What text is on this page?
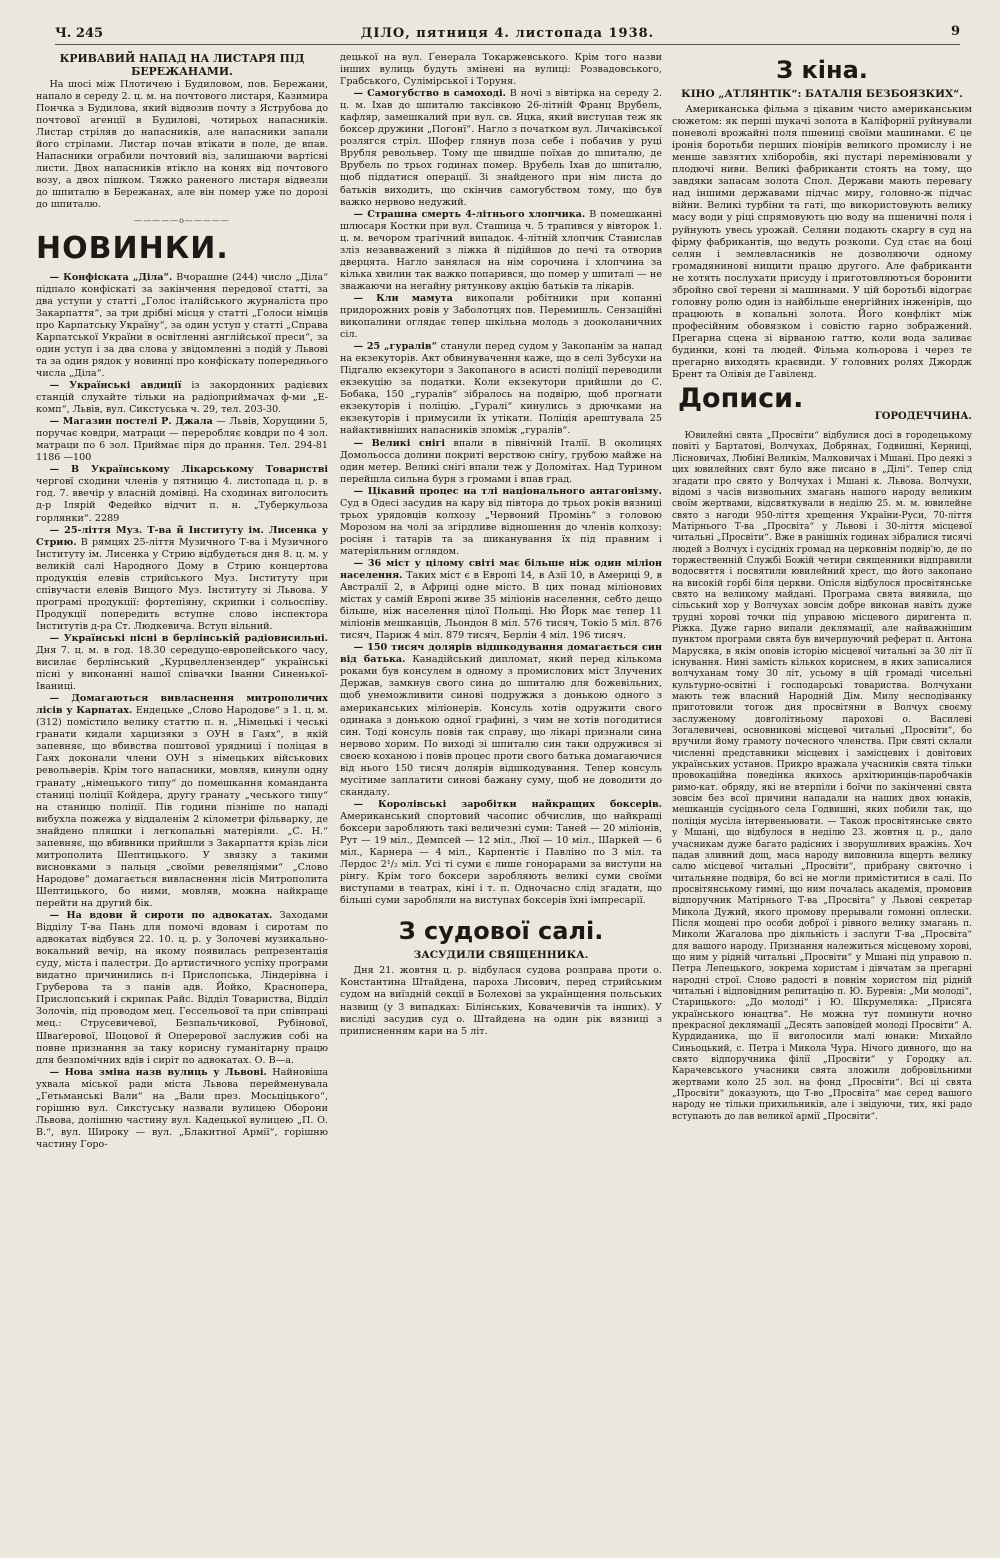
Ч. 245	ДІЛО, пятниця 4. листопада 1938.	9
КРИВАВИЙ НАПАД НА ЛИСТАРЯ ПІД БЕРЕЖАНАМИ.

На шосі між Плотичею і Будиловом, пов. Бережани, напало в середу 2. ц. м. на почтового листаря, Казимира Пончка з Будилова, який відвозив почту з Яструбова до почтової агенції в Будилові, чотирьох напасників. Листар стріляв до напасників, але напасники запали його стрілами. Листар почав втікати в поле, де впав. Напасники ограбили почтовий віз, залишаючи вартісні листи. Двох напасників втікло на конях від почтового возу, а двох пішком. Тяжко раненого листаря відвезли до шпиталю в Бережанах, але він помер уже по дорозі до шпиталю.

—————o—————
НОВИНКИ.

— Конфіската „Діла“. Вчорашне (244) число „Діла“ підпало конфіскаті за закінчення передової статті, за два уступи у статті „Голос італійського журналіста про Закарпаття“, за три дрібні місця у статті „Голоси німців про Карпатську Україну“, за один уступ у статті „Справа Карпатської України в освітленні англійської преси“, за один уступ і за два слова у звідомленні з подій у Львові та за один рядок у новинці про конфіскату попереднього числа „Діла“.

— Українські авдиції із закордонних радієвих станцій слухайте тільки на радіоприймачах ф-ми „Е-комп“, Львів, вул. Сикстуська ч. 29, тел. 203-30.

— Магазин постелі Р. Джала — Львів, Хорущини 5, поручає ковдри, матраци — переробляє ковдри по 4 зол. матраци по 6 зол. Приймає піря до прання. Тел. 294-81 1186 —100

— В Українському Лікарському Товаристві черговї сходини членів у пятницю 4. листопада ц. р. в год. 7. ввечір у власній домівці. На сходинах виголосить д-р Ілярій Федейко відчит п. н. „Туберкульоза горлянки“. 2289

— 25-ліття Муз. Т-ва й Інституту ім. Лисенка у Стрию. В рямцях 25-ліття Музичного Т-ва і Музичного Інституту ім. Лисенка у Стрию відбудеться дня 8. ц. м. у великій салі Народного Дому в Стрию концертова продукція елевів стрийського Муз. Інституту при співучасти елевів Вищого Муз. Інституту зі Львова. У програмі продукції: фортепіяну, скрипки і сольоспіву. Продукції попередить вступне слово інспектора Інститутів д-ра Ст. Людкевича. Вступ вільний.

— Українські пісні в берлінській радіовисильні. Дня 7. ц. м. в год. 18.30 середущо-европейського часу, висилає берлінський „Курцвеллензендер“ українські пісні у виконанні нашої співачки Іванни Синенької-Іваниці.

— Домагаються вивласнення митрополичих лісів у Карпатах. Ендецьке „Слово Народове“ з 1. ц. м. (312) помістило велику статтю п. н. „Німецькі і чеські гранати кидали харцизяки з ОУН в Гаях“, в якій запевняє, що вбивства поштової урядниці і поліцая в Гаях доконали члени ОУН з німецьких військових револьверів. Крім того напасники, мовляв, кинули одну гранату „німецького типу“ до помешкання команданта станиці поліції Койдера, другу гранату „чеського типу“ на станицю поліції. Пів години пізніше по нападі вибухла пожежа у віддаленім 2 кілометри фільварку, де знайдено пляшки і легкопальні матеріяли. „С. Н.“ запевняє, що вбивники прийшли з Закарпаття крізь ліси митрополита Шептицького. У звязку з такими висновками з пальця „своїми ревеляціями“ „Слово Народове“ домагається вивласнення лісів Митрополита Шептицького, бо ними, мовляв, можна найкраще перейти на другий бік.

— На вдови й сироти по адвокатах. Заходами Відділу Т-ва Пань для помочі вдовам і сиротам по адвокатах відбувся 22. 10. ц. р. у Золочеві музикально-вокальний вечір, на якому появилась репрезентація суду, міста і палестри. До артистичного успіху програми видатно причинились п-і Прислопська, Ліндерівна і Груберова та з панів адв. Йойко, Краснопера, Прислопський і скрипак Райс. Відділ Товариства, Відділ Золочів, під проводом мец. Гессельової та при співпраці мец.: Струсевичевої, Безпальчикової, Рубінової, Шваґерової, Шоцової й Оперерової заслужив собі на повне признання за таку корисну гуманітарну працю для безпомічних вдів і сиріт по адвокатах. О. В—а.

— Нова зміна назв вулиць у Львові. Найновіша ухвала міської ради міста Львова перейменувала „Гетьманські Вали“ на „Вали през. Мосьціцького“, горішню вул. Сикстуську назвали вулицею Оборони Львова, долішню частину вул. Кадецької вулицею „П. О. В.“, вул. Широку — вул. „Блакитної Армії“, горішню частину Горо-

децької на вул. Ґенерала Токаржевського. Крім того назви інших вулиць будуть змінені на вулиці: Розвадовського, Грабського, Сулімірської і Торуня.

— Самогубство в самоході. В ночі з вівтірка на середу 2. ц. м. Іхав до шпиталю таксівкою 26-літній Франц Врубель, кафляр, замешкалий при вул. св. Яцка, який виступав теж як боксер дружини „Погонї“. Нагло з початком вул. Личаківської розлягся стріл. Шофер глянув поза себе і побачив у руці Врубля револьвер. Тому ще швидше поїхав до шпиталю, де Врубель по трьох годинах помер. Врубель Іхав до шпиталю, щоб піддатися операції. Зі знайденого при нім листа до батьків виходить, що скінчив самогубством тому, що був важко нервово недужий.

— Страшна смерть 4-літнього хлопчика. В помешканні шлюсаря Костки при вул. Сташица ч. 5 трапився у вівторок 1. ц. м. вечором трагічний випадок. 4-літній хлопчик Станислав зліз незавважений з ліжка й підійшов до печі та отворив дверцята. Нагло занялася на нім сорочина і хлопчина за кілька хвилин так важко попарився, що помер у шпиталі — не зважаючи на негайну рятункову акцію батьків та лікарів.

— Кли мамута викопали робітники при копанні придорожних ровів у Заболотцях пов. Перемишль. Сензаційні викопалини оглядає тепер шкільна молодь з дооколаничних сіл.

— 25 „гуралів“ станули перед судом у Закопанім за напад на екзекуторів. Акт обвинувачення каже, що в селі Зубсухи на Підгалю екзекутори з Закопаного в асисті поліції переводили екзекуцію за податки. Коли екзекутори прийшли до С. Бобака, 150 „гуралів“ зібралось на подвірю, щоб прогнати екзекуторів і поліцію. „Гуралі“ кинулись з дрючками на екзекуторів і примусили їх утікати. Поліція арештувала 25 найактивніших напасників зпоміж „гуралів“.

— Великі снігі впали в північній Італії. В околицях Домольосса долини покриті верствою снігу, грубою майже на один метер. Великі снігі впали теж у Доломітах. Над Турином перейшла сильна буря з громами і впав град.

— Цікавий процес на тлі національного антагонізму. Суд в Одесі засудив на кару від півтора до трьох років вязниці трьох урядовців колхозу „Червоний Промінь“ з головою Морозом на чолі за згірдливе відношення до членів колхозу: росіян і татарів та за шиканування їх під правним і матеріяльним оглядом.

— 36 міст у цілому світі має більше ніж один міліон населення. Таких міст є в Европі 14, в Азії 10, в Америці 9, в Австралії 2, в Африці одне місто. В цих понад міліонових містах у самій Европі живе 35 міліонів населення, себто дещо більше, ніж населення цілої Польщі. Ню Йорк має тепер 11 міліонів мешканців, Льондон 8 міл. 576 тисяч, Токіо 5 міл. 876 тисяч, Париж 4 міл. 879 тисяч, Берлін 4 міл. 196 тисяч.

— 150 тисяч долярів відшкодування домагається син від батька. Канадійський дипломат, який перед кількома роками був консулем в одному з промислових міст Злучених Держав, замкнув свого сина до шпиталю для божевільних, щоб унеможливити синові подружжя з донькою одного з американських міліонерів. Консуль хотів одружити свого одинака з донькою одної графині, з чим не хотів погодитися син. Тоді консуль повів так справу, що лікарі признали сина нервово хорим. По виході зі шпиталю син таки одружився зі своєю коханою і повів процес проти свого батька домагаючися від нього 150 тисяч долярів відшкодування. Тепер консуль мусітиме заплатити синові бажану суму, щоб не доводити до скандалу.

— Королівські заробітки найкращих боксерів. Американський спортовий часопис обчислив, що найкращі боксери заробляють такі величезні суми: Таней — 20 міліонів, Рут — 19 міл., Демпсей — 12 міл., Люї — 10 міл., Шаркей — 6 міл., Карнера — 4 міл., Карпентіє і Павліно по 3 міл. та Лердос 2¹/₂ міл. Усі ті суми є лише гонорарами за виступи на рінгу. Крім того боксери заробляють великі суми своїми виступами в театрах, кіні і т. п. Одночасно слід згадати, що більші суми заробляли на виступах боксерів їхні імпресарії.

З судової салі.
ЗАСУДИЛИ СВЯЩЕННИКА.

Дня 21. жовтня ц. р. відбулася судова розправа проти о. Константина Штайдена, пароха Лисович, перед стрийським судом на виїздній секції в Болехові за українщення польських назвищ (у 3 випадках: Білінських, Ковачевичів та інших). У висліді засудив суд о. Штайдена на один рік вязниці з приписненням кари на 5 літ.

З кіна.
КІНО „АТЛЯНТІК“: БАТАЛІЯ БЕЗБОЯЗКИХ“.

Американська фільма з цікавим чисто американським сюжетом: як перші шукачі золота в Каліфорнії руйнували поневолі врожайні поля пшениці своїми машинами. Є це іронія боротьби перших піонірів великого промислу і не менше завзятих хліборобів, які пустарі перемінювали у плодючі ниви. Великі фабриканти стоять на тому, що завдяки запасам золота Спол. Держави мають перевагу над іншими державами підчас миру, головно-ж підчас війни. Великі турбіни та гаті, що використовують велику масу води у ріці спрямовують цю воду на пшеничні поля і руйнують увесь урожай. Селяни подають скаргу в суд на фірму фабрикантів, що ведуть розкопи. Суд стає на боці селян і землевласників не дозволяючи одному громадянинові нищити працю другого. Але фабриканти не хотять послухати присуду і приготовляються боронити збройно свої терени зі машинами. У цій боротьбі відограє головну ролю один із найбільше енергійних інженірів, що працюють в копальні золота. Його конфлікт між професійним обовязком і совістю гарно зображений. Прегарна сцена зі вірваною гаттю, коли вода заливає будинки, коні та людей. Фільма кольорова і через те прегарно виходять краєвиди. У головних ролях Джордж Брент та Олівія де Гавіленд.

Дописи.
ГОРОДЕЧЧИНА.

Ювилейні свята „Просвіти“ відбулися досі в городецькому повіті у Бартатові, Волчухах, Добрянах, Годвишні, Керниці, Лісновичах, Любіні Великім, Малковичах і Мшані. Про деякі з цих ювилейних свят було вже писано в „Ділі“. Тепер слід згадати про свято у Волчухах і Мшані к. Львова. Волчухи, відомі з часів визвольних змагань нашого народу великим своїм жертвами, відсвяткували в неділю 25. м. м. ювилейне свято з нагоди 950-ліття хрещення України-Руси, 70-ліття Матірнього Т-ва „Просвіта“ у Львові і 30-ліття місцевої читальні „Просвіти“. Вже в ранішніх годинах зібралися тисячі людей з Волчух і сусідніх громад на церковнім подвір'ю, де по торжественній Службі Божій четири священники відправили водосвяття і посвятили ювилейний хрест, що його закопано на високій горбі біля церкви. Опісля відбулося просвітянське свято на великому майдані. Програма свята виявила, що сільський хор у Волчухах зовсім добре виконав навіть дуже трудні хорові точки під управою місцевого диригента п. Ріжка. Дуже гарно випали деклямації, але найважнішим пунктом програми свята був вичерпуючий реферат п. Антона Марусяка, в якім оповів історію місцевої читальні за 30 літ її існування. Нині замість кількох кориснем, в яких записалися волчуханам тому 30 літ, усьому в цій громаді чисельні культурно-освітні і господарські товариства. Волчухани мають теж власний Народній Дім. Милу несподіванку приготовили тогож дня просвітяни в Волчух своєму заслуженому довголітньому парохові о. Василеві Зогалевичеві, основникові місцевої читальні „Просвіти“, бо вручили йому грамоту почесного членства. При святі склали численні представники місцевих і замісцевих і довітових українських установ. Прикро вражала учасників свята тільки провокаційна поведінка якихось архітюринців-паробчаків римо-кат. обряду, які не втерпіли і боїчи по закінченні свята зовсім без всої причини нападали на наших двох юнаків, мешканців сусіднього села Годвишні, яких побили так, що поліція мусіла інтервеньювати. — Також просвітянське свято у Мшані, що відбулося в неділю 23. жовтня ц. р., дало учасникам дуже багато радісних і зворушливих вражінь. Хоч падав зливний дощ, маса народу виповнила вщерть велику салю місцевої читальні „Просвіти“, прибрану святочно і читальняне подвіря, бо всі не могли приміститися в салі. По просвітянському гимні, що ним почалась академія, промовив відпоручник Матірнього Т-ва „Просвіта“ у Львові секретар Микола Дужий, якого промову прерывали гомонні оплески. Після мощені про особи доброї і рівного велику змагань п. Миколи Жагалова про діяльність і заслуги Т-ва „Просвіта“ для вашого народу. Признання належиться місцевому хорові, що ним у рідній читальні „Просвіти“ у Мшані під управою п. Петра Лепецького, зокрема хористам і дівчатам за прегарні народні строї. Слово радості в повнім хористом під рідній читальні і відповідним репитацію п. Ю. Буревія: „Ми молоді“, Старицького: „До молоді“ і Ю. Шкрумеляка: „Присяга українського юнацтва“. Не можна тут поминути ночно прекрасної деклямації „Десять заповідей молоді Просвіти“ А. Курдиданика, що її виголосили малі юнаки: Михайло Синьоцький, с. Петра і Микола Чура. Нічого дивного, що на свято відпоручника філії „Просвіти“ у Городку ал. Карачевського учасники свята зложили добровільними жертвами коло 25 зол. на фонд „Просвіти“. Всі ці свята „Просвіти“ доказують, що Т-во „Просвіта“ має серед вашого народу не тільки прихильників, але і звідуючи, тих, які радо вступають до лав великої армії „Просвіти“.
